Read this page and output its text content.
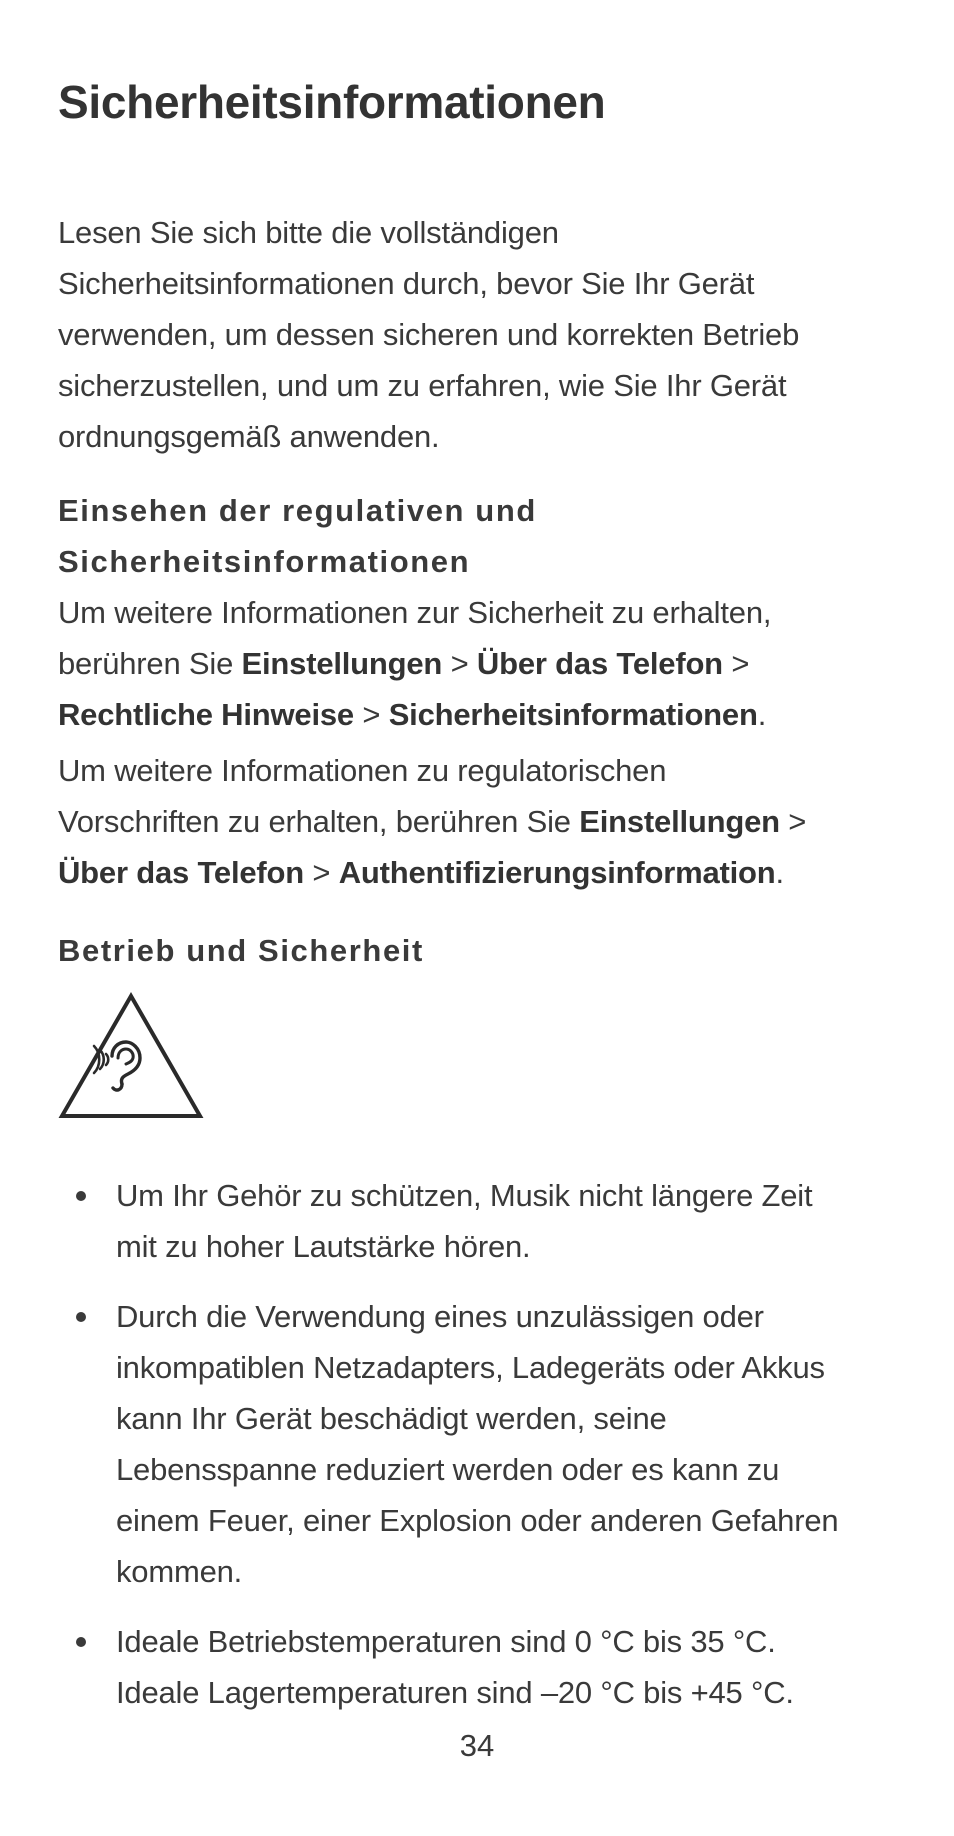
Sicherheitsinformationen

Lesen Sie sich bitte die vollständigen
Sicherheitsinformationen durch, bevor Sie Ihr Gerät
verwenden, um dessen sicheren und korrekten Betrieb
sicherzustellen, und um zu erfahren, wie Sie Ihr Gerät
ordnungsgemäß anwenden.

Einsehen der regulativen und
Sicherheitsinformationen

Um weitere Informationen zur Sicherheit zu erhalten,
berühren Sie Einstellungen > Über das Telefon >
Rechtliche Hinweise > Sicherheitsinformationen.

Um weitere Informationen zu regulatorischen
Vorschriften zu erhalten, berühren Sie Einstellungen >
Über das Telefon > Authentifizierungsinformation.

Betrieb und Sicherheit
Um Ihr Gehör zu schützen, Musik nicht längere Zeit
mit zu hoher Lautstärke hören.
Durch die Verwendung eines unzulässigen oder
inkompatiblen Netzadapters, Ladegeräts oder Akkus
kann Ihr Gerät beschädigt werden, seine
Lebensspanne reduziert werden oder es kann zu
einem Feuer, einer Explosion oder anderen Gefahren
kommen.
Ideale Betriebstemperaturen sind 0 °C bis 35 °C.
Ideale Lagertemperaturen sind –20 °C bis +45 °C.
34
